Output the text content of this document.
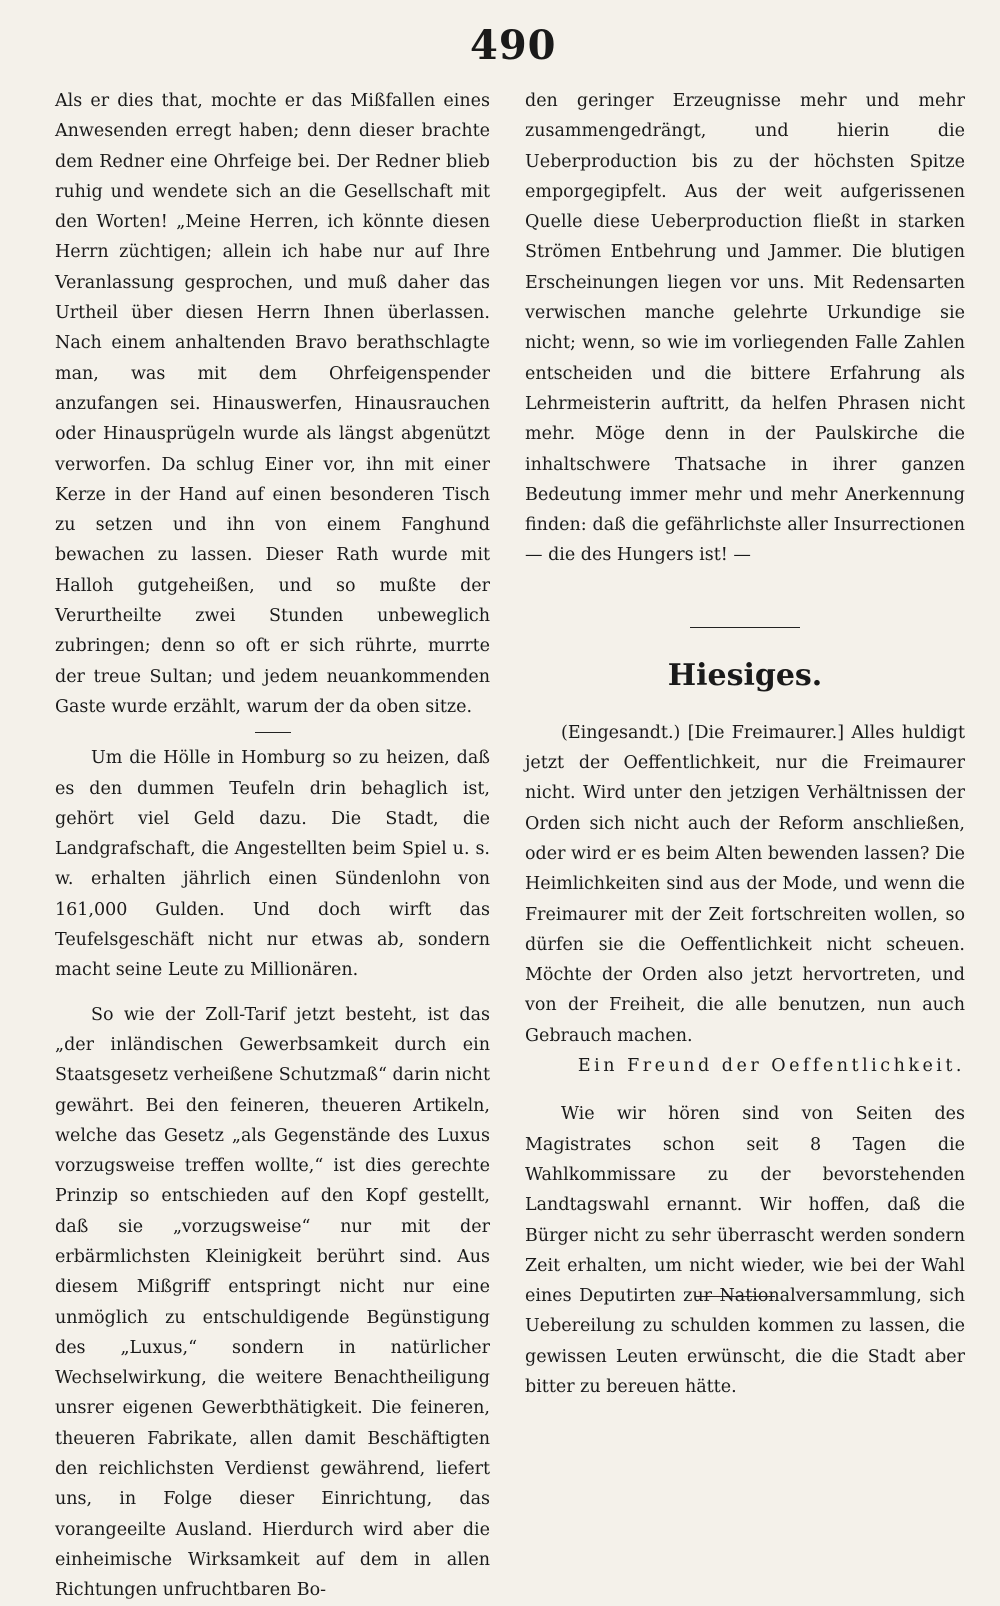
490

Als er dies that, mochte er das Mißfallen eines Anwesenden erregt haben; denn dieser brachte dem Redner eine Ohrfeige bei. Der Redner blieb ruhig und wendete sich an die Gesellschaft mit den Worten! „Meine Herren, ich könnte diesen Herrn züchtigen; allein ich habe nur auf Ihre Veranlassung gesprochen, und muß daher das Urtheil über diesen Herrn Ihnen überlassen. Nach einem anhaltenden Bravo berathschlagte man, was mit dem Ohrfeigenspender anzufangen sei. Hinauswerfen, Hinausrauchen oder Hinausprügeln wurde als längst abgenützt verworfen. Da schlug Einer vor, ihn mit einer Kerze in der Hand auf einen besonderen Tisch zu setzen und ihn von einem Fanghund bewachen zu lassen. Dieser Rath wurde mit Halloh gutgeheißen, und so mußte der Verurtheilte zwei Stunden unbeweglich zubringen; denn so oft er sich rührte, murrte der treue Sultan; und jedem neuankommenden Gaste wurde erzählt, warum der da oben sitze.

Um die Hölle in Homburg so zu heizen, daß es den dummen Teufeln drin behaglich ist, gehört viel Geld dazu. Die Stadt, die Landgrafschaft, die Angestellten beim Spiel u. s. w. erhalten jährlich einen Sündenlohn von 161,000 Gulden. Und doch wirft das Teufelsgeschäft nicht nur etwas ab, sondern macht seine Leute zu Millionären.

So wie der Zoll-Tarif jetzt besteht, ist das „der inländischen Gewerbsamkeit durch ein Staatsgesetz verheißene Schutzmaß“ darin nicht gewährt. Bei den feineren, theueren Artikeln, welche das Gesetz „als Gegenstände des Luxus vorzugsweise treffen wollte,“ ist dies gerechte Prinzip so entschieden auf den Kopf gestellt, daß sie „vorzugsweise“ nur mit der erbärmlichsten Kleinigkeit berührt sind. Aus diesem Mißgriff entspringt nicht nur eine unmöglich zu entschuldigende Begünstigung des „Luxus,“ sondern in natürlicher Wechselwirkung, die weitere Benachtheiligung unsrer eigenen Gewerbthätigkeit. Die feineren, theueren Fabrikate, allen damit Beschäftigten den reichlichsten Verdienst gewährend, liefert uns, in Folge dieser Einrichtung, das vorangeeilte Ausland. Hierdurch wird aber die einheimische Wirksamkeit auf dem in allen Richtungen unfruchtbaren Bo-

den geringer Erzeugnisse mehr und mehr zusammengedrängt, und hierin die Ueberproduction bis zu der höchsten Spitze emporgegipfelt. Aus der weit aufgerissenen Quelle diese Ueberproduction fließt in starken Strömen Entbehrung und Jammer. Die blutigen Erscheinungen liegen vor uns. Mit Redensarten verwischen manche gelehrte Urkundige sie nicht; wenn, so wie im vorliegenden Falle Zahlen entscheiden und die bittere Erfahrung als Lehrmeisterin auftritt, da helfen Phrasen nicht mehr. Möge denn in der Paulskirche die inhaltschwere Thatsache in ihrer ganzen Bedeutung immer mehr und mehr Anerkennung finden: daß die gefährlichste aller Insurrectionen — die des Hungers ist! —

Hiesiges.

(Eingesandt.) [Die Freimaurer.] Alles huldigt jetzt der Oeffentlichkeit, nur die Freimaurer nicht. Wird unter den jetzigen Verhältnissen der Orden sich nicht auch der Reform anschließen, oder wird er es beim Alten bewenden lassen? Die Heimlichkeiten sind aus der Mode, und wenn die Freimaurer mit der Zeit fortschreiten wollen, so dürfen sie die Oeffentlichkeit nicht scheuen. Möchte der Orden also jetzt hervortreten, und von der Freiheit, die alle benutzen, nun auch Gebrauch machen.

Ein Freund der Oeffentlichkeit.

Wie wir hören sind von Seiten des Magistrates schon seit 8 Tagen die Wahlkommissare zu der bevorstehenden Landtagswahl ernannt. Wir hoffen, daß die Bürger nicht zu sehr überrascht werden sondern Zeit erhalten, um nicht wieder, wie bei der Wahl eines Deputirten zur Nationalversammlung, sich Uebereilung zu schulden kommen zu lassen, die gewissen Leuten erwünscht, die die Stadt aber bitter zu bereuen hätte.
